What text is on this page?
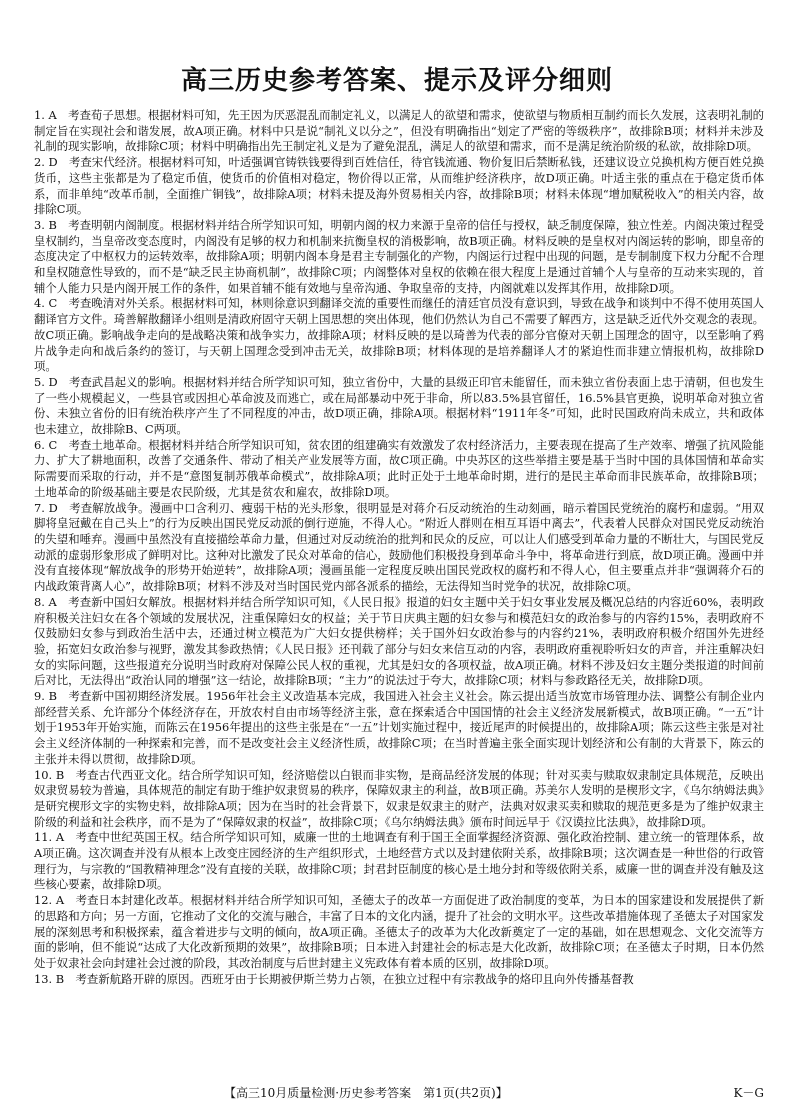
高三历史参考答案、提示及评分细则

1. A　考查荀子思想。根据材料可知，先王因为厌恶混乱而制定礼义，以满足人的欲望和需求，使欲望与物质相互制约而长久发展，这表明礼制的制定旨在实现社会和谐发展，故A项正确。材料中只是说“制礼义以分之”，但没有明确指出“划定了严密的等级秩序”，故排除B项；材料并未涉及礼制的现实影响，故排除C项；材料中明确指出先王制定礼义是为了避免混乱，满足人的欲望和需求，而不是满足统治阶级的私欲，故排除D项。

2. D　考查宋代经济。根据材料可知，叶适强调官铸铁钱要得到百姓信任，待官钱流通、物价复旧后禁断私钱，还建议设立兑换机构方便百姓兑换货币，这些主张都是为了稳定币值，使货币的价值相对稳定，物价得以正常，从而维护经济秩序，故D项正确。叶适主张的重点在于稳定货币体系，而非单纯“改革币制，全面推广铜钱”，故排除A项；材料未提及海外贸易相关内容，故排除B项；材料未体现“增加赋税收入”的相关内容，故排除C项。

3. B　考查明朝内阁制度。根据材料并结合所学知识可知，明朝内阁的权力来源于皇帝的信任与授权，缺乏制度保障，独立性差。内阁决策过程受皇权制约，当皇帝改变态度时，内阁没有足够的权力和机制来抗衡皇权的消极影响，故B项正确。材料反映的是皇权对内阁运转的影响，即皇帝的态度决定了中枢权力的运转效率，故排除A项；明朝内阁本身是君主专制强化的产物，内阁运行过程中出现的问题，是专制制度下权力分配不合理和皇权随意性导致的，而不是“缺乏民主协商机制”，故排除C项；内阁整体对皇权的依赖在很大程度上是通过首辅个人与皇帝的互动来实现的，首辅个人能力只是内阁开展工作的条件，如果首辅不能有效地与皇帝沟通、争取皇帝的支持，内阁就难以发挥其作用，故排除D项。

4. C　考查晚清对外关系。根据材料可知，林则徐意识到翻译交流的重要性而继任的清廷官员没有意识到，导致在战争和谈判中不得不使用英国人翻译官方文件。琦善解散翻译小组则是清政府固守天朝上国思想的突出体现，他们仍然认为自己不需要了解西方，这是缺乏近代外交观念的表现。故C项正确。影响战争走向的是战略决策和战争实力，故排除A项；材料反映的是以琦善为代表的部分官僚对天朝上国理念的固守，以至影响了鸦片战争走向和战后条约的签订，与天朝上国理念受到冲击无关，故排除B项；材料体现的是培养翻译人才的紧迫性而非建立情报机构，故排除D项。

5. D　考查武昌起义的影响。根据材料并结合所学知识可知，独立省份中，大量的县级正印官未能留任，而未独立省份表面上忠于清朝，但也发生了一些小规模起义，一些县官或因担心革命波及而逃亡，或在局部暴动中死于非命，所以83.5%县官留任，16.5%县官更换，说明革命对独立省份、未独立省份的旧有统治秩序产生了不同程度的冲击，故D项正确，排除A项。根据材料“1911年冬”可知，此时民国政府尚未成立，共和政体也未建立，故排除B、C两项。

6. C　考查土地革命。根据材料并结合所学知识可知，贫农团的组建确实有效激发了农村经济活力，主要表现在提高了生产效率、增强了抗风险能力、扩大了耕地面积，改善了交通条件、带动了相关产业发展等方面，故C项正确。中央苏区的这些举措主要是基于当时中国的具体国情和革命实际需要而采取的行动，并不是“意图复制苏俄革命模式”，故排除A项；此时正处于土地革命时期，进行的是民主革命而非民族革命，故排除B项；土地革命的阶级基础主要是农民阶级，尤其是贫农和雇农，故排除D项。

7. D　考查解放战争。漫画中口含利刃、瘦弱干枯的光头形象，很明显是对蒋介石反动统治的生动刻画，暗示着国民党统治的腐朽和虚弱。“用双脚将皇冠戴在自己头上”的行为反映出国民党反动派的倒行逆施，不得人心。“附近人群则在相互耳语中离去”，代表着人民群众对国民党反动统治的失望和唾弃。漫画中虽然没有直接描绘革命力量，但通过对反动统治的批判和民众的反应，可以让人们感受到革命力量的不断壮大，与国民党反动派的虚弱形象形成了鲜明对比。这种对比激发了民众对革命的信心，鼓励他们积极投身到革命斗争中，将革命进行到底，故D项正确。漫画中并没有直接体现“解放战争的形势开始逆转”，故排除A项；漫画虽能一定程度反映出国民党政权的腐朽和不得人心，但主要重点并非“强调蒋介石的内战政策背离人心”，故排除B项；材料不涉及对当时国民党内部各派系的描绘，无法得知当时党争的状况，故排除C项。

8. A　考查新中国妇女解放。根据材料并结合所学知识可知，《人民日报》报道的妇女主题中关于妇女事业发展及概况总结的内容近60%，表明政府积极关注妇女在各个领域的发展状况，注重保障妇女的权益；关于节日庆典主题的妇女参与和模范妇女的政治参与的内容约15%，表明政府不仅鼓励妇女参与到政治生活中去，还通过树立模范为广大妇女提供榜样；关于国外妇女政治参与的内容约21%，表明政府积极介绍国外先进经验，拓宽妇女政治参与视野，激发其参政热情；《人民日报》还刊载了部分与妇女来信互动的内容，表明政府重视聆听妇女的声音，并注重解决妇女的实际问题，这些报道充分说明当时政府对保障公民人权的重视，尤其是妇女的各项权益，故A项正确。材料不涉及妇女主题分类报道的时间前后对比，无法得出“政治认同的增强”这一结论，故排除B项；“主力”的说法过于夸大，故排除C项；材料与参政路径无关，故排除D项。

9. B　考查新中国初期经济发展。1956年社会主义改造基本完成，我国进入社会主义社会。陈云提出适当放宽市场管理办法、调整公有制企业内部经营关系、允许部分个体经济存在，开放农村自由市场等经济主张，意在探索适合中国国情的社会主义经济发展新模式，故B项正确。“一五”计划于1953年开始实施，而陈云在1956年提出的这些主张是在“一五”计划实施过程中，接近尾声的时候提出的，故排除A项；陈云这些主张是对社会主义经济体制的一种探索和完善，而不是改变社会主义经济性质，故排除C项；在当时普遍主张全面实现计划经济和公有制的大背景下，陈云的主张并未得以贯彻，故排除D项。

10. B　考查古代西亚文化。结合所学知识可知，经济赔偿以白银而非实物，是商品经济发展的体现；针对买卖与赎取奴隶制定具体规范，反映出奴隶贸易较为普遍，具体规范的制定有助于维护奴隶贸易的秩序，保障奴隶主的利益，故B项正确。苏美尔人发明的是楔形文字，《乌尔纳姆法典》是研究楔形文字的实物史料，故排除A项；因为在当时的社会背景下，奴隶是奴隶主的财产，法典对奴隶买卖和赎取的规范更多是为了维护奴隶主阶级的利益和社会秩序，而不是为了“保障奴隶的权益”，故排除C项；《乌尔纳姆法典》颁布时间远早于《汉谟拉比法典》，故排除D项。

11. A　考查中世纪英国王权。结合所学知识可知，威廉一世的土地调查有利于国王全面掌握经济资源、强化政治控制、建立统一的管理体系，故A项正确。这次调查并没有从根本上改变庄园经济的生产组织形式，土地经营方式以及封建依附关系，故排除B项；这次调查是一种世俗的行政管理行为，与宗教的“国教精神理念”没有直接的关联，故排除C项；封君封臣制度的核心是土地分封和等级依附关系，威廉一世的调查并没有触及这些核心要素，故排除D项。

12. A　考查日本封建化改革。根据材料并结合所学知识可知，圣德太子的改革一方面促进了政治制度的变革，为日本的国家建设和发展提供了新的思路和方向；另一方面，它推动了文化的交流与融合，丰富了日本的文化内涵，提升了社会的文明水平。这些改革措施体现了圣德太子对国家发展的深刻思考和积极探索，蕴含着进步与文明的倾向，故A项正确。圣德太子的改革为大化改新奠定了一定的基础，如在思想观念、文化交流等方面的影响，但不能说“达成了大化改新预期的效果”，故排除B项；日本进入封建社会的标志是大化改新，故排除C项；在圣德太子时期，日本仍然处于奴隶社会向封建社会过渡的阶段，其改治制度与后世封建主义宪政体有着本质的区别，故排除D项。

13. B　考查新航路开辟的原因。西班牙由于长期被伊斯兰势力占领，在独立过程中有宗教战争的烙印且向外传播基督教

【高三10月质量检测·历史参考答案　第1页(共2页)】	K－G
